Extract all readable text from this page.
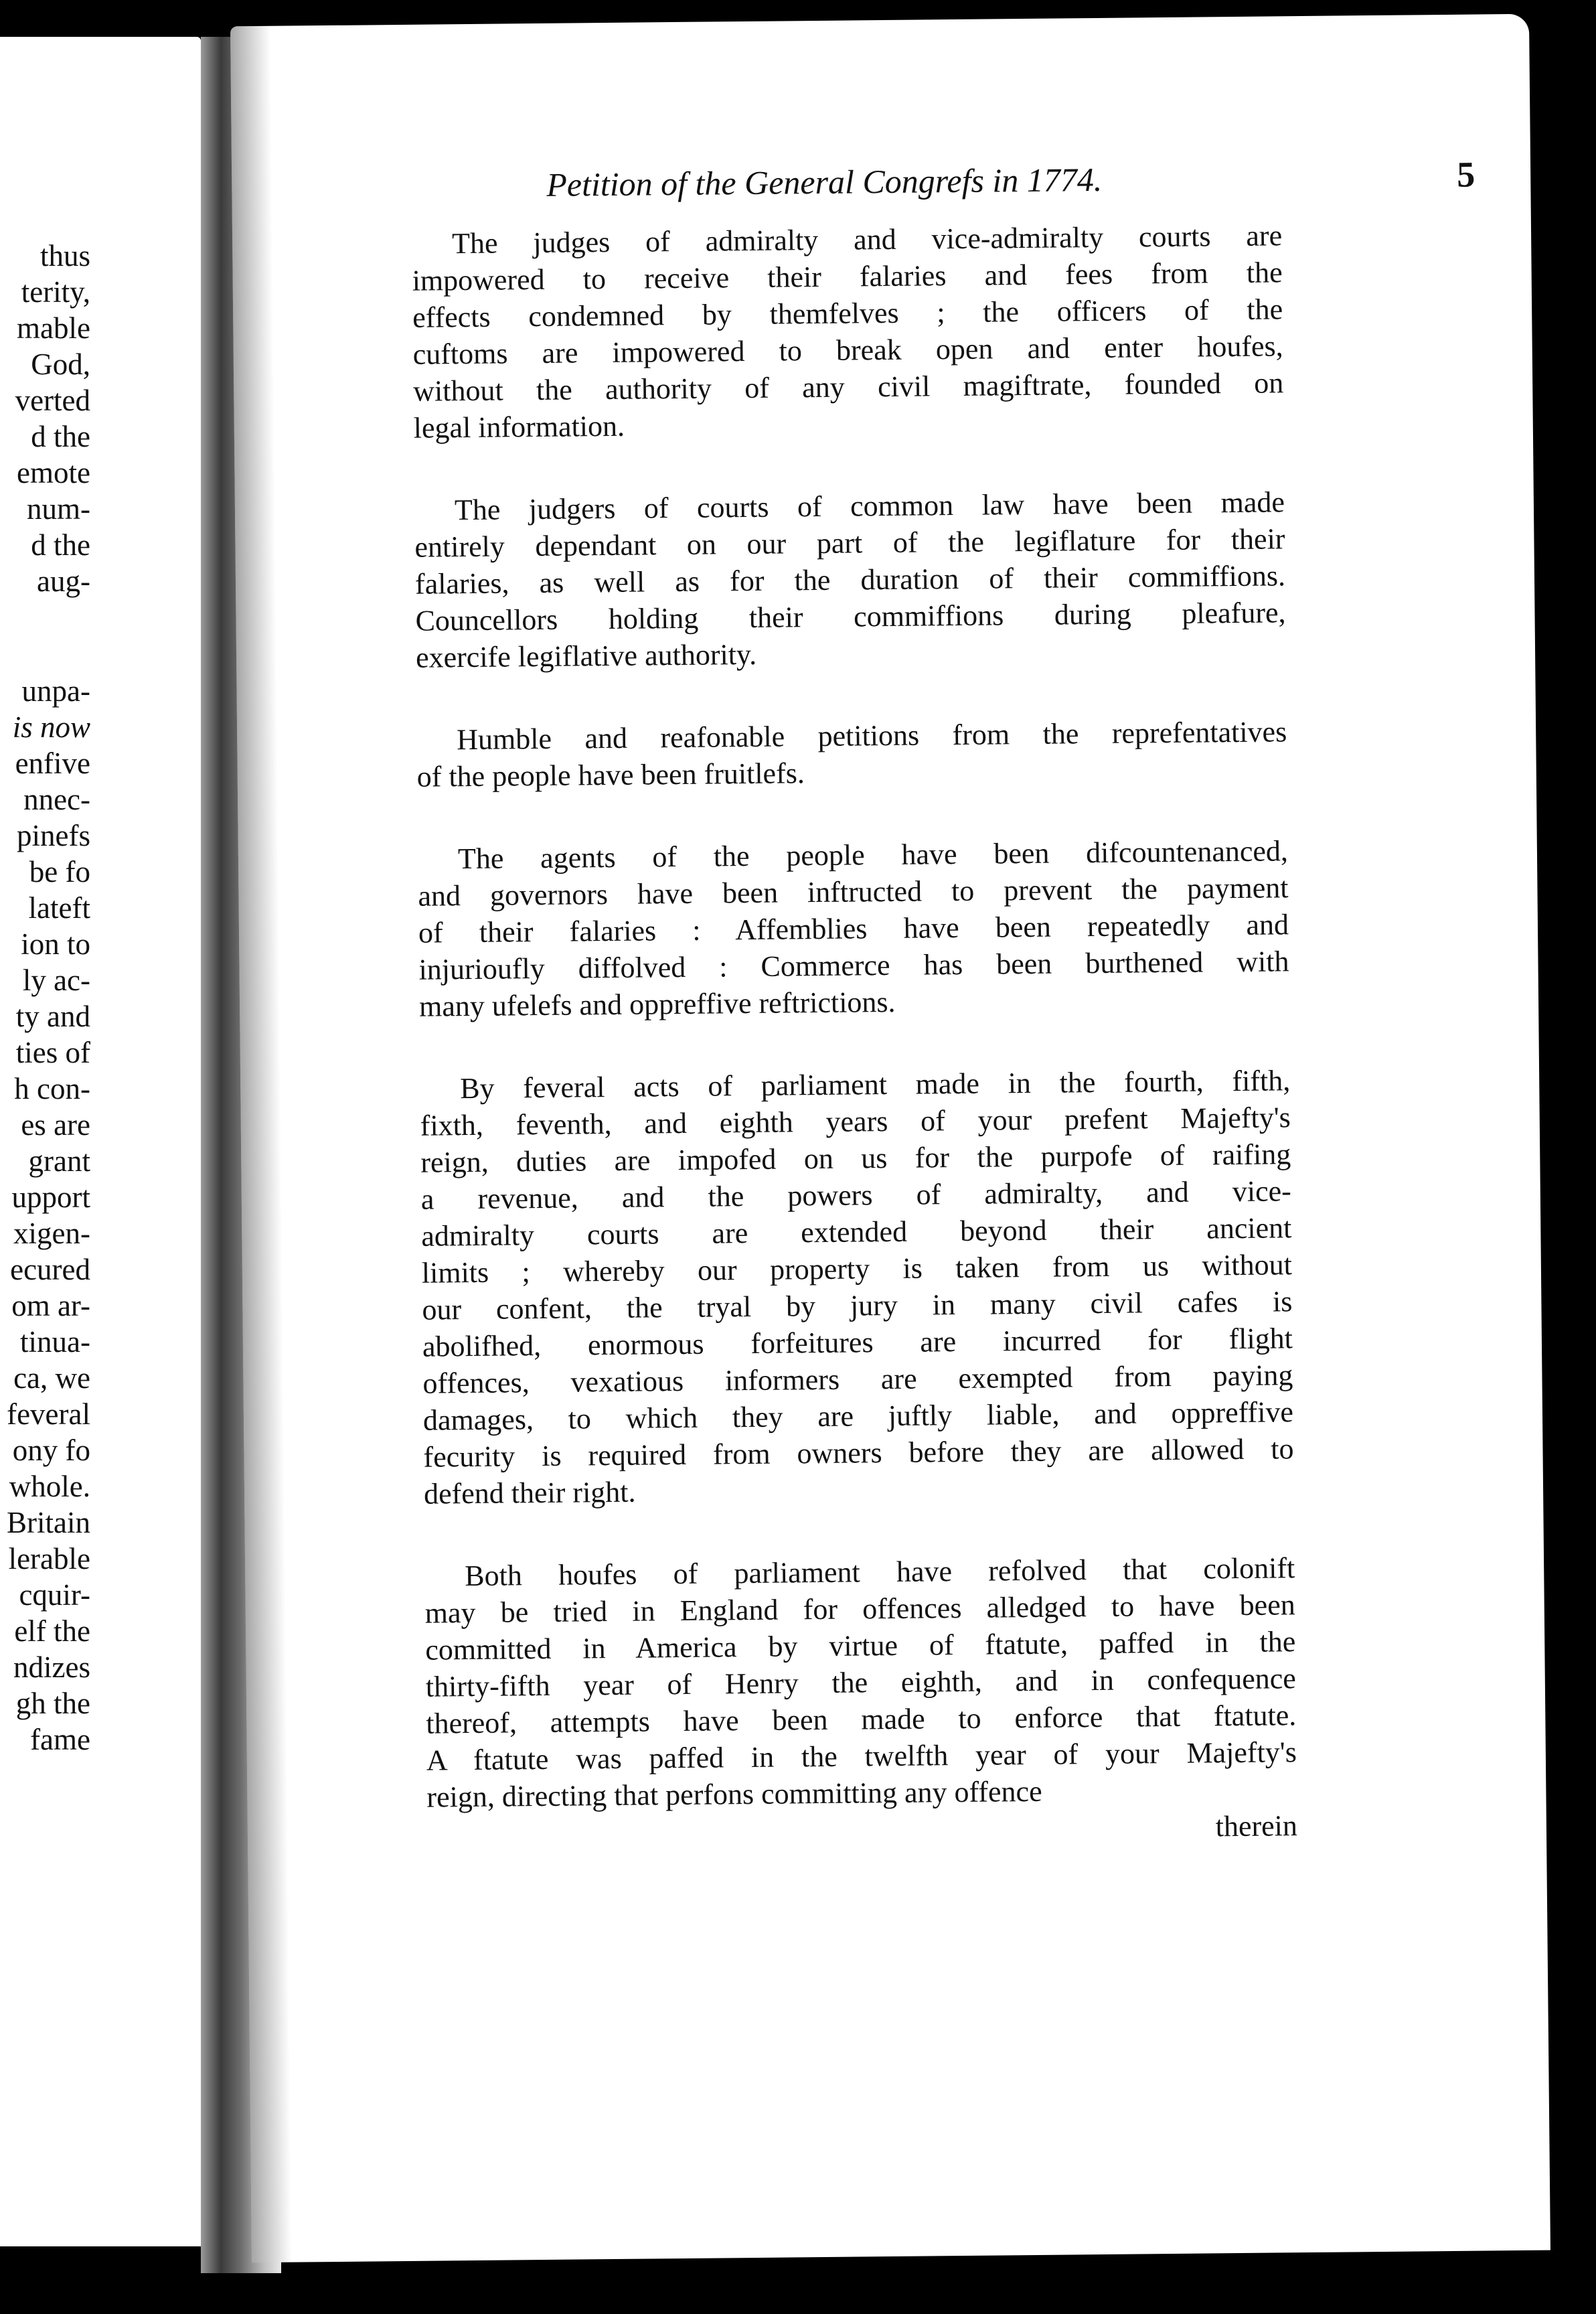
thus
terity,
mable
God,
verted
d the
emote
num-
d the
aug-
unpa-
is now
enfive
nnec-
pinefs
be fo
lateft
ion to
ly ac-
ty and
ties of
h con-
es are
grant
upport
xigen-
ecured
om ar-
tinua-
ca, we
feveral
ony fo
whole.
Britain
lerable
cquir-
elf the
ndizes
gh the
fame
Petition of the General Congrefs in 1774.	5
The judges of admiralty and vice-admiralty courts are
impowered to receive their falaries and fees from the
effects condemned by themfelves ; the officers of the
cuftoms are impowered to break open and enter houfes,
without the authority of any civil magiftrate, founded on
legal information.
The judgers of courts of common law have been made
entirely dependant on our part of the legiflature for their
falaries, as well as for the duration of their commiffions.
Councellors holding their commiffions during pleafure,
exercife legiflative authority.
Humble and reafonable petitions from the reprefentatives
of the people have been fruitlefs.
The agents of the people have been difcountenanced,
and governors have been inftructed to prevent the payment
of their falaries : Affemblies have been repeatedly and
injurioufly diffolved : Commerce has been burthened with
many ufelefs and oppreffive reftrictions.
By feveral acts of parliament made in the fourth, fifth,
fixth, feventh, and eighth years of your prefent Majefty's
reign, duties are impofed on us for the purpofe of raifing
a revenue, and the powers of admiralty, and vice-
admiralty courts are extended beyond their ancient
limits ; whereby our property is taken from us without
our confent, the tryal by jury in many civil cafes is
abolifhed, enormous forfeitures are incurred for flight
offences, vexatious informers are exempted from paying
damages, to which they are juftly liable, and oppreffive
fecurity is required from owners before they are allowed to
defend their right.
Both houfes of parliament have refolved that colonift
may be tried in England for offences alledged to have been
committed in America by virtue of ftatute, paffed in the
thirty-fifth year of Henry the eighth, and in confequence
thereof, attempts have been made to enforce that ftatute.
A ftatute was paffed in the twelfth year of your Majefty's
reign, directing that perfons committing any offence
therein
